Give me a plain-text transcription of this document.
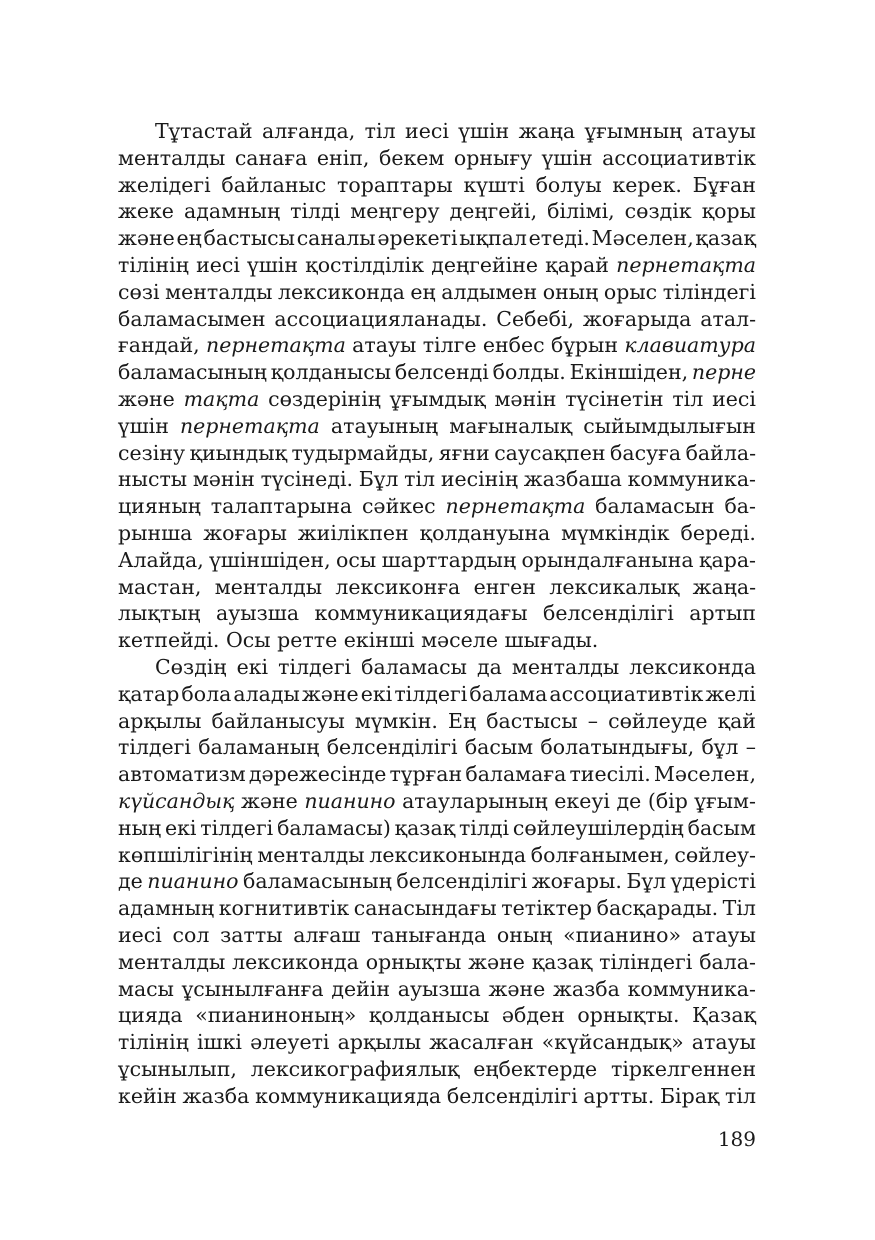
Тұтастай алғанда, тіл иесі үшін жаңа ұғымның атауы
менталды санаға еніп, бекем орнығу үшін ассоциативтік
желідегі байланыс тораптары күшті болуы керек. Бұған
жеке адамның тілді меңгеру деңгейі, білімі, сөздік қоры
және ең бастысы саналы әрекеті ықпал етеді. Мәселен, қазақ
тілінің иесі үшін қостілділік деңгейіне қарай пернетақта
сөзі менталды лексиконда ең алдымен оның орыс тіліндегі
баламасымен ассоциацияланады. Себебі, жоғарыда атал-
ғандай, пернетақта атауы тілге енбес бұрын клавиатура
баламасының қолданысы белсенді болды. Екіншіден, перне
және тақта сөздерінің ұғымдық мәнін түсінетін тіл иесі
үшін пернетақта атауының мағыналық сыйымдылығын
сезіну қиындық тудырмайды, яғни саусақпен басуға байла-
нысты мәнін түсінеді. Бұл тіл иесінің жазбаша коммуника-
цияның талаптарына сәйкес пернетақта баламасын ба-
рынша жоғары жиілікпен қолдануына мүмкіндік береді.
Алайда, үшіншіден, осы шарттардың орындалғанына қара-
мастан, менталды лексиконға енген лексикалық жаңа-
лықтың ауызша коммуникациядағы белсенділігі артып
кетпейді. Осы ретте екінші мәселе шығады.
Сөздің екі тілдегі баламасы да менталды лексиконда
қатар бола алады және екі тілдегі балама ассоциативтік желі
арқылы байланысуы мүмкін. Ең бастысы – сөйлеуде қай
тілдегі баламаның белсенділігі басым болатындығы, бұл –
автоматизм дәрежесінде тұрған баламаға тиесілі. Мәселен,
күйсандық және пианино атауларының екеуі де (бір ұғым-
ның екі тілдегі баламасы) қазақ тілді сөйлеушілердің басым
көпшілігінің менталды лексиконында болғанымен, сөйлеу-
де пианино баламасының белсенділігі жоғары. Бұл үдерісті
адамның когнитивтік санасындағы тетіктер басқарады. Тіл
иесі сол затты алғаш танығанда оның «пианино» атауы
менталды лексиконда орнықты және қазақ тіліндегі бала-
масы ұсынылғанға дейін ауызша және жазба коммуника-
цияда «пианиноның» қолданысы әбден орнықты. Қазақ
тілінің ішкі әлеуеті арқылы жасалған «күйсандық» атауы
ұсынылып, лексикографиялық еңбектерде тіркелгеннен
кейін жазба коммуникацияда белсенділігі артты. Бірақ тіл
189
